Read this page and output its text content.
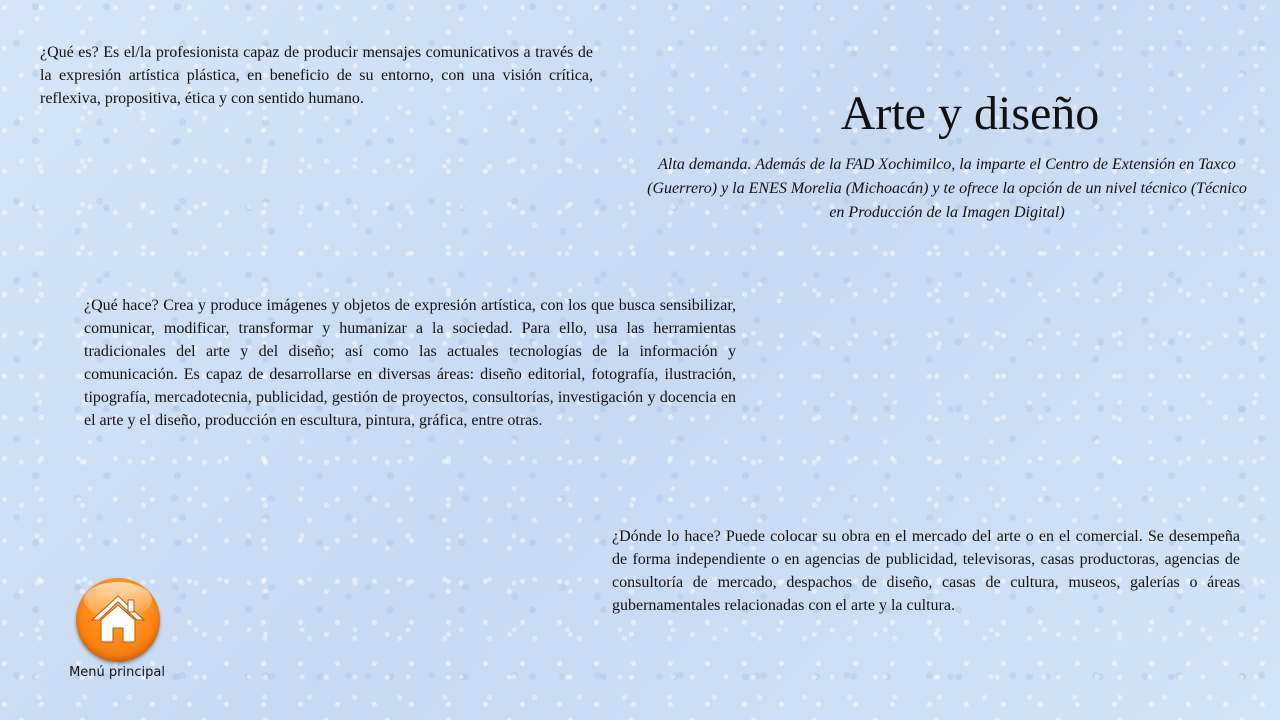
¿Qué es? Es el/la profesionista capaz de producir mensajes comunicativos a través de la expresión artística plástica, en beneficio de su entorno, con una visión crítica, reflexiva, propositiva, ética y con sentido humano.	Arte y diseño

Alta demanda. Además de la FAD Xochimilco, la imparte el Centro de Extensión en Taxco (Guerrero) y la ENES Morelia (Michoacán) y te ofrece la opción de un nivel técnico (Técnico en Producción de la Imagen Digital)

¿Qué hace? Crea y produce imágenes y objetos de expresión artística, con los que busca sensibilizar, comunicar, modificar, transformar y humanizar a la sociedad. Para ello, usa las herramientas tradicionales del arte y del diseño; así como las actuales tecnologías de la información y comunicación. Es capaz de desarrollarse en diversas áreas: diseño editorial, fotografía, ilustración, tipografía, mercadotecnia, publicidad, gestión de proyectos, consultorías, investigación y docencia en el arte y el diseño, producción en escultura, pintura, gráfica, entre otras.

¿Dónde lo hace? Puede colocar su obra en el mercado del arte o en el comercial. Se desempeña de forma independiente o en agencias de publicidad, televisoras, casas productoras, agencias de consultoría de mercado, despachos de diseño, casas de cultura, museos, galerías o áreas gubernamentales relacionadas con el arte y la cultura.

Menú principal
